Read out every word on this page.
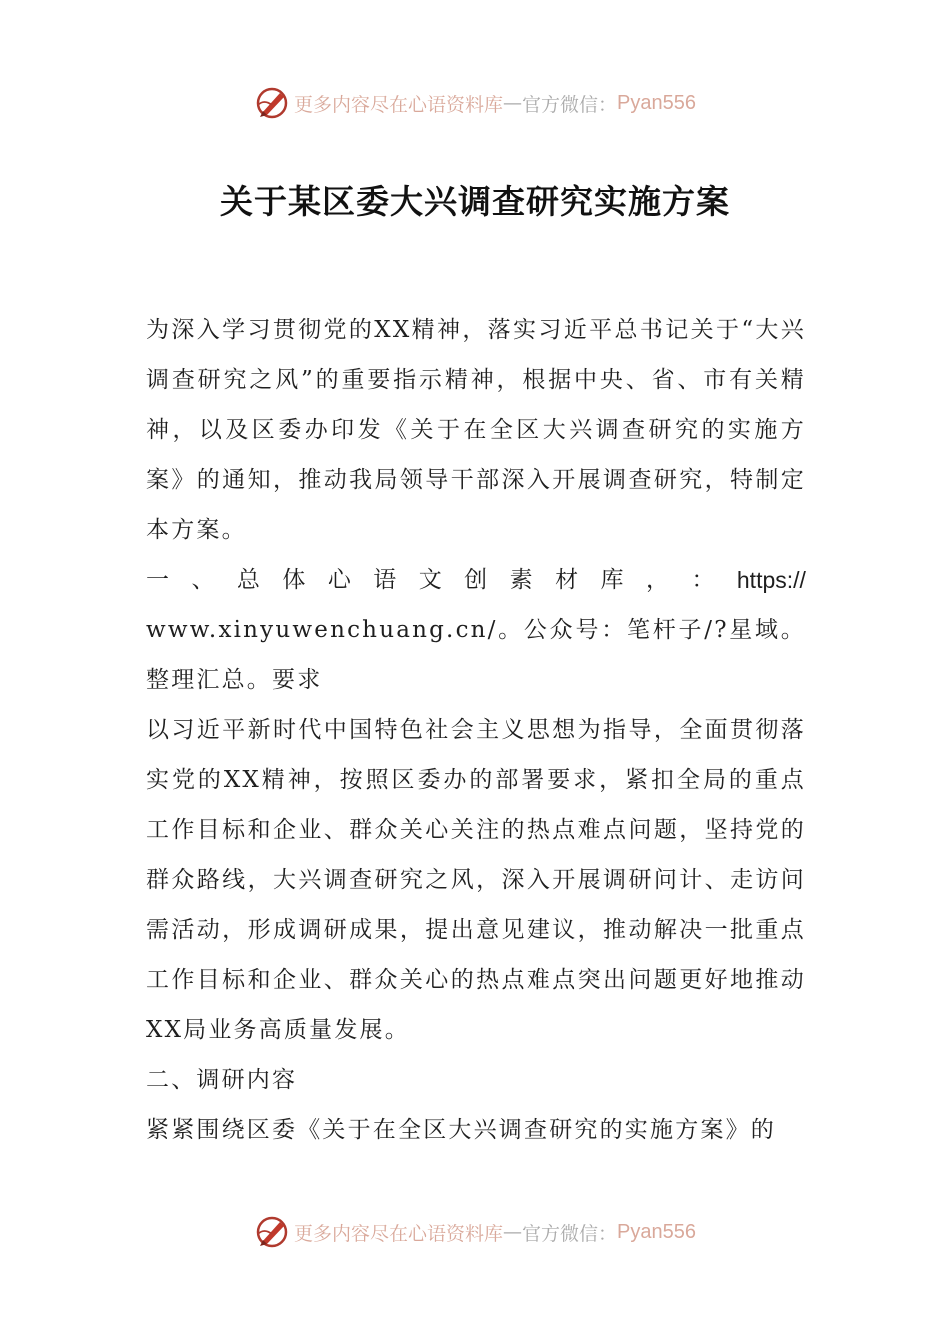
更多内容尽在心语资料库 — 官方微信： Pyan556
关于某区委大兴调查研究实施方案

为深入学习贯彻党的XX精神，落实习近平总书记关于“大兴调查研究之风”的重要指示精神，根据中央、省、市有关精神，以及区委办印发《关于在全区大兴调查研究的实施方案》的通知，推动我局领导干部深入开展调查研究，特制定本方案。

一 、 总 体 心 语 文 创 素 材 库 ， ： https://

www.xinyuwenchuang.cn/。公众号：笔杆子/?星域。整理汇总。要求

以习近平新时代中国特色社会主义思想为指导，全面贯彻落实党的XX精神，按照区委办的部署要求，紧扣全局的重点工作目标和企业、群众关心关注的热点难点问题，坚持党的群众路线，大兴调查研究之风，深入开展调研问计、走访问需活动，形成调研成果，提出意见建议，推动解决一批重点工作目标和企业、群众关心的热点难点突出问题更好地推动XX局业务高质量发展。

二、调研内容

紧紧围绕区委《关于在全区大兴调查研究的实施方案》的

更多内容尽在心语资料库 — 官方微信： Pyan556
